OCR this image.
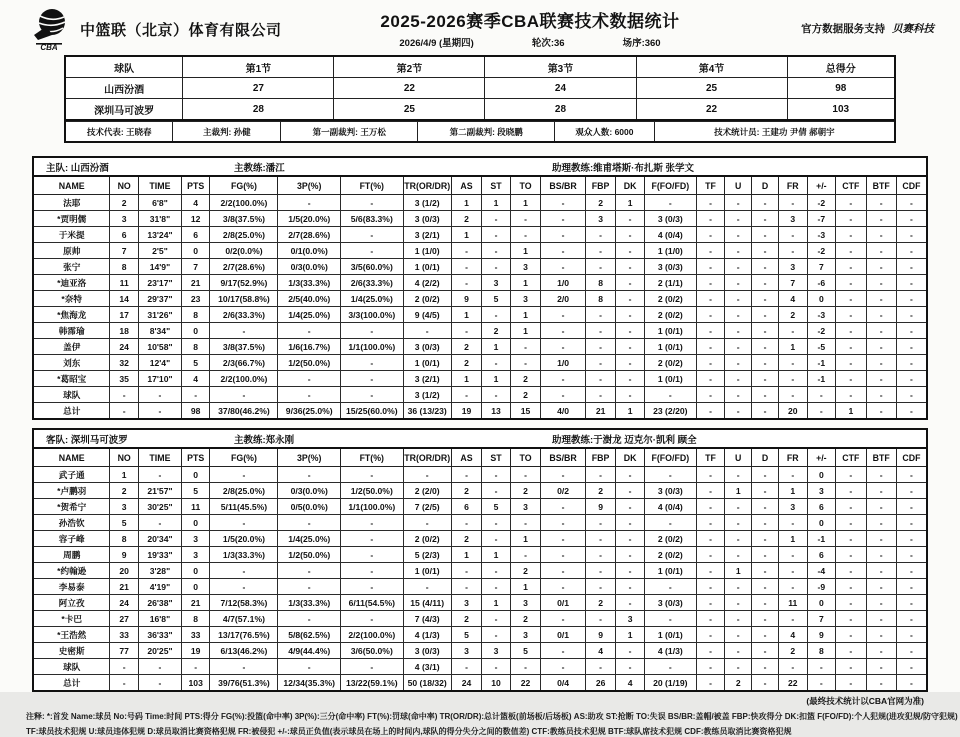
CBA
中篮联（北京）体育有限公司	2025-2026赛季CBA联赛技术数据统计
2026/4/9 (星期四)	轮次:36	场序:360
官方数据服务支持 贝赛科技
球队	第1节	第2节	第3节	第4节	总得分
山西汾酒	27	22	24	25	98
深圳马可波罗	28	25	28	22	103
技术代表: 王晓春	主裁判: 孙健	第一副裁判: 王万松	第二副裁判: 段晓鹏	观众人数: 6000	技术统计员: 王建功 尹倩 郝朝宇
主队: 山西汾酒	主教练:潘江	助理教练:维甫塔斯·布扎斯 张学文
NAME	NO	TIME	PTS	FG(%)	3P(%)	FT(%)	TR(OR/DR)	AS	ST	TO	BS/BR	FBP	DK	F(FO/FD)	TF	U	D	FR	+/-	CTF	BTF	CDF
法耶	2	6'8"	4	2/2(100.0%)	-	-	3 (1/2)	1	1	1	-	2	1	-	-	-	-	-	-2	-	-	-
*贾明儒	3	31'8"	12	3/8(37.5%)	1/5(20.0%)	5/6(83.3%)	3 (0/3)	2	-	-	-	3	-	3 (0/3)	-	-	-	3	-7	-	-	-
于米提	6	13'24"	6	2/8(25.0%)	2/7(28.6%)	-	3 (2/1)	1	-	-	-	-	-	4 (0/4)	-	-	-	-	-3	-	-	-
原帅	7	2'5"	0	0/2(0.0%)	0/1(0.0%)	-	1 (1/0)	-	-	1	-	-	-	1 (1/0)	-	-	-	-	-2	-	-	-
张宁	8	14'9"	7	2/7(28.6%)	0/3(0.0%)	3/5(60.0%)	1 (0/1)	-	-	3	-	-	-	3 (0/3)	-	-	-	3	7	-	-	-
*迪亚洛	11	23'17"	21	9/17(52.9%)	1/3(33.3%)	2/6(33.3%)	4 (2/2)	-	3	1	1/0	8	-	2 (1/1)	-	-	-	7	-6	-	-	-
*奈特	14	29'37"	23	10/17(58.8%)	2/5(40.0%)	1/4(25.0%)	2 (0/2)	9	5	3	2/0	8	-	2 (0/2)	-	-	-	4	0	-	-	-
*焦海龙	17	31'26"	8	2/6(33.3%)	1/4(25.0%)	3/3(100.0%)	9 (4/5)	1	-	1	-	-	-	2 (0/2)	-	-	-	2	-3	-	-	-
韩霈瑜	18	8'34"	0	-	-	-	-	-	2	1	-	-	-	1 (0/1)	-	-	-	-	-2	-	-	-
盖伊	24	10'58"	8	3/8(37.5%)	1/6(16.7%)	1/1(100.0%)	3 (0/3)	2	1	-	-	-	-	1 (0/1)	-	-	-	1	-5	-	-	-
刘东	32	12'4"	5	2/3(66.7%)	1/2(50.0%)	-	1 (0/1)	2	-	-	1/0	-	-	2 (0/2)	-	-	-	-	-1	-	-	-
*葛昭宝	35	17'10"	4	2/2(100.0%)	-	-	3 (2/1)	1	1	2	-	-	-	1 (0/1)	-	-	-	-	-1	-	-	-
球队	-	-	-	-	-	-	3 (1/2)	-	-	2	-	-	-	-	-	-	-	-	-	-	-	-
总计	-	-	98	37/80(46.2%)	9/36(25.0%)	15/25(60.0%)	36 (13/23)	19	13	15	4/0	21	1	23 (2/20)	-	-	-	20	-	1	-	-
客队: 深圳马可波罗	主教练:郑永刚	助理教练:于澍龙 迈克尔·凯利 顾全
NAME	NO	TIME	PTS	FG(%)	3P(%)	FT(%)	TR(OR/DR)	AS	ST	TO	BS/BR	FBP	DK	F(FO/FD)	TF	U	D	FR	+/-	CTF	BTF	CDF
武子通	1	-	0	-	-	-	-	-	-	-	-	-	-	-	-	-	-	-	0	-	-	-
*卢鹏羽	2	21'57"	5	2/8(25.0%)	0/3(0.0%)	1/2(50.0%)	2 (2/0)	2	-	2	0/2	2	-	3 (0/3)	-	1	-	1	3	-	-	-
*贺希宁	3	30'25"	11	5/11(45.5%)	0/5(0.0%)	1/1(100.0%)	7 (2/5)	6	5	3	-	9	-	4 (0/4)	-	-	-	3	6	-	-	-
孙浩钦	5	-	0	-	-	-	-	-	-	-	-	-	-	-	-	-	-	-	0	-	-	-
容子峰	8	20'34"	3	1/5(20.0%)	1/4(25.0%)	-	2 (0/2)	2	-	1	-	-	-	2 (0/2)	-	-	-	1	-1	-	-	-
周鹏	9	19'33"	3	1/3(33.3%)	1/2(50.0%)	-	5 (2/3)	1	1	-	-	-	-	2 (0/2)	-	-	-	-	6	-	-	-
*约翰逊	20	3'28"	0	-	-	-	1 (0/1)	-	-	2	-	-	-	1 (0/1)	-	1	-	-	-4	-	-	-
李易泰	21	4'19"	0	-	-	-	-	-	-	1	-	-	-	-	-	-	-	-	-9	-	-	-
阿立孜	24	26'38"	21	7/12(58.3%)	1/3(33.3%)	6/11(54.5%)	15 (4/11)	3	1	3	0/1	2	-	3 (0/3)	-	-	-	11	0	-	-	-
*卡巴	27	16'8"	8	4/7(57.1%)	-	-	7 (4/3)	2	-	2	-	-	3	-	-	-	-	-	7	-	-	-
*王浩然	33	36'33"	33	13/17(76.5%)	5/8(62.5%)	2/2(100.0%)	4 (1/3)	5	-	3	0/1	9	1	1 (0/1)	-	-	-	4	9	-	-	-
史密斯	77	20'25"	19	6/13(46.2%)	4/9(44.4%)	3/6(50.0%)	3 (0/3)	3	3	5	-	4	-	4 (1/3)	-	-	-	2	8	-	-	-
球队	-	-	-	-	-	-	4 (3/1)	-	-	-	-	-	-	-	-	-	-	-	-	-	-	-
总计	-	-	103	39/76(51.3%)	12/34(35.3%)	13/22(59.1%)	50 (18/32)	24	10	22	0/4	26	4	20 (1/19)	-	2	-	22	-	-	-	-
(最终技术统计以CBA官网为准)
注释: *:首发 Name:球员 No:号码 Time:时间 PTS:得分 FG(%):投篮(命中率) 3P(%):三分(命中率) FT(%):罚球(命中率) TR(OR/DR):总计篮板(前场板/后场板) AS:助攻 ST:抢断 TO:失误 BS/BR:盖帽/被盖 FBP:快攻得分 DK:扣篮 F(FO/FD):个人犯规(进攻犯规/防守犯规)
TF:球员技术犯规 U:球员违体犯规 D:球员取消比赛资格犯规 FR:被侵犯 +/-:球员正负值(表示球员在场上的时间内,球队的得分失分之间的数值差) CTF:教练员技术犯规 BTF:球队席技术犯规 CDF:教练员取消比赛资格犯规
